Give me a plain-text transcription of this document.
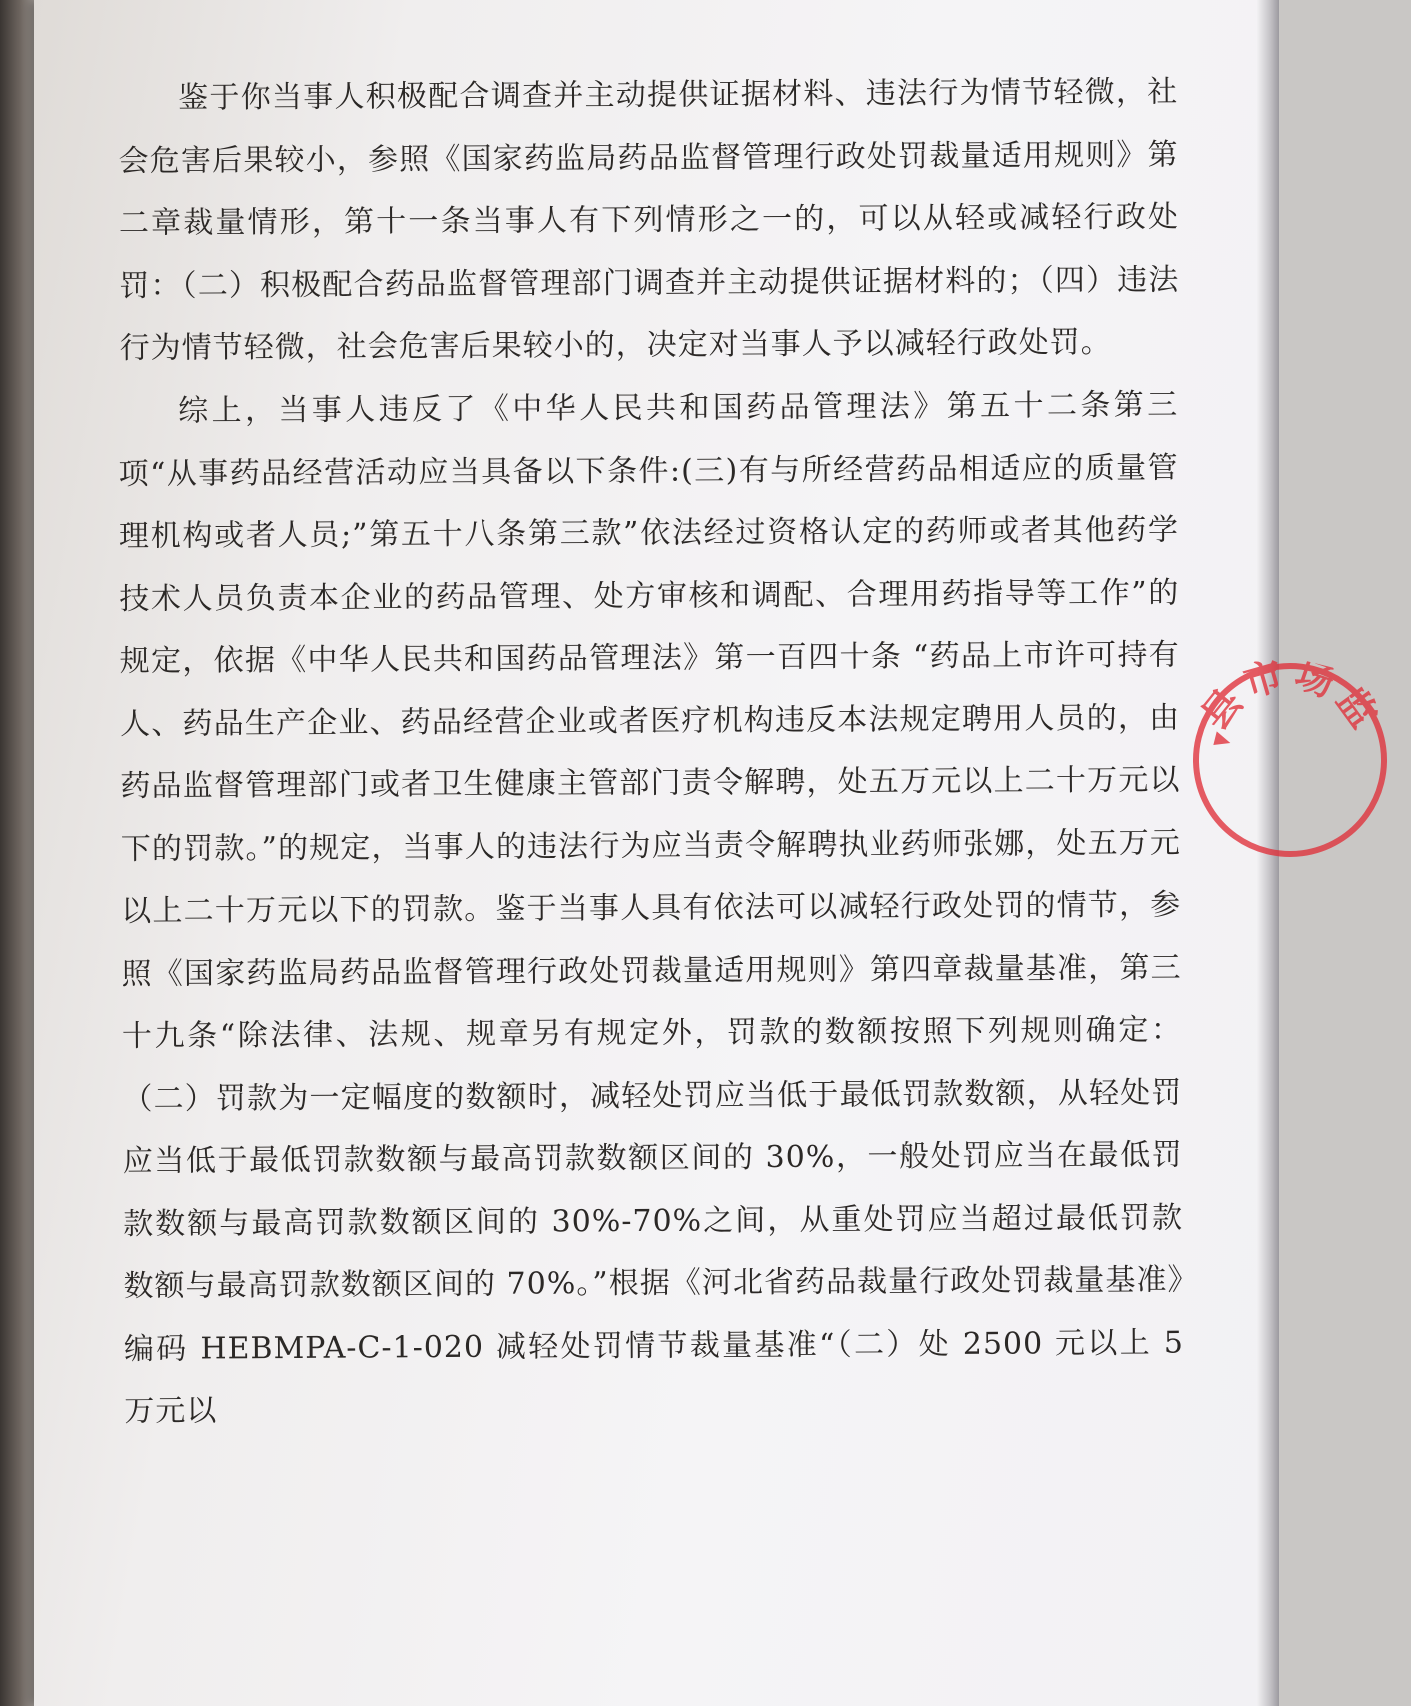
鉴于你当事人积极配合调查并主动提供证据材料、违法行为情节轻微，社会危害后果较小，参照《国家药监局药品监督管理行政处罚裁量适用规则》第二章裁量情形，第十一条当事人有下列情形之一的，可以从轻或减轻行政处罚：（二）积极配合药品监督管理部门调查并主动提供证据材料的；（四）违法行为情节轻微，社会危害后果较小的，决定对当事人予以减轻行政处罚。

综上，当事人违反了《中华人民共和国药品管理法》第五十二条第三项“从事药品经营活动应当具备以下条件:(三)有与所经营药品相适应的质量管理机构或者人员;”第五十八条第三款”依法经过资格认定的药师或者其他药学技术人员负责本企业的药品管理、处方审核和调配、合理用药指导等工作”的规定，依据《中华人民共和国药品管理法》第一百四十条 “药品上市许可持有人、药品生产企业、药品经营企业或者医疗机构违反本法规定聘用人员的，由药品监督管理部门或者卫生健康主管部门责令解聘，处五万元以上二十万元以下的罚款。”的规定，当事人的违法行为应当责令解聘执业药师张娜，处五万元以上二十万元以下的罚款。鉴于当事人具有依法可以减轻行政处罚的情节，参照《国家药监局药品监督管理行政处罚裁量适用规则》第四章裁量基准，第三十九条“除法律、法规、规章另有规定外，罚款的数额按照下列规则确定：（二）罚款为一定幅度的数额时，减轻处罚应当低于最低罚款数额，从轻处罚应当低于最低罚款数额与最高罚款数额区间的 30%，一般处罚应当在最低罚款数额与最高罚款数额区间的 30%-70%之间，从重处罚应当超过最低罚款数额与最高罚款数额区间的 70%。”根据《河北省药品裁量行政处罚裁量基准》编码 HEBMPA-C-1-020 减轻处罚情节裁量基准“（二）处 2500 元以上 5 万元以

县市场监
